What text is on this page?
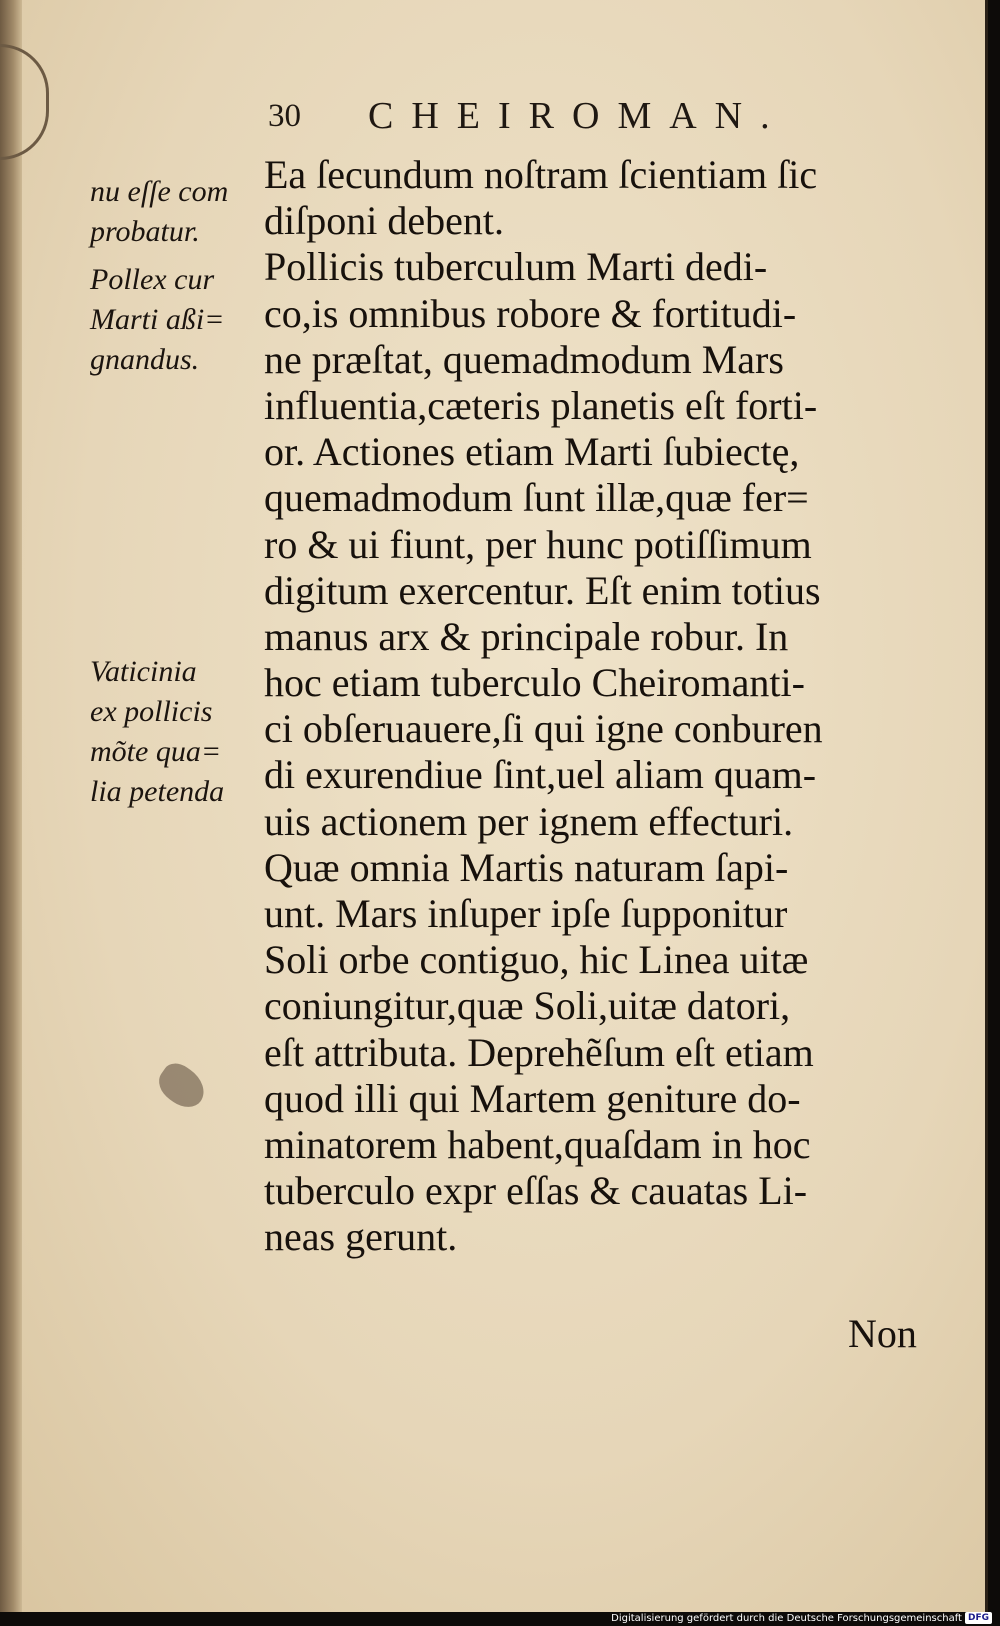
30 CHEIROMAN.
nu eſſe com
probatur.
Pollex cur
Marti aßi=
gnandus.
Vaticinia
ex pollicis
mõte qua=
lia petenda
Ea ſecundum noſtram ſcientiam ſic
diſponi debent.
Pollicis tuberculum Marti dedi-
co,is omnibus robore & fortitudi-
ne præſtat, quemadmodum Mars
influentia,cæteris planetis eſt forti-
or. Actiones etiam Marti ſubiectę,
quemadmodum ſunt illæ,quæ fer=
ro & ui fiunt, per hunc potiſſimum
digitum exercentur. Eſt enim totius
manus arx & principale robur. In
hoc etiam tuberculo Cheiromanti-
ci obſeruauere,ſi qui igne conburen
di exurendiue ſint,uel aliam quam-
uis actionem per ignem effecturi.
Quæ omnia Martis naturam ſapi-
unt. Mars inſuper ipſe ſupponitur
Soli orbe contiguo, hic Linea uitæ
coniungitur,quæ Soli,uitæ datori,
eſt attributa. Deprehẽſum eſt etiam
quod illi qui Martem geniture do-
minatorem habent,quaſdam in hoc
tuberculo expr eſſas & cauatas Li-
neas gerunt.
Non
Digitalisierung gefördert durch die Deutsche Forschungsgemeinschaft DFG
